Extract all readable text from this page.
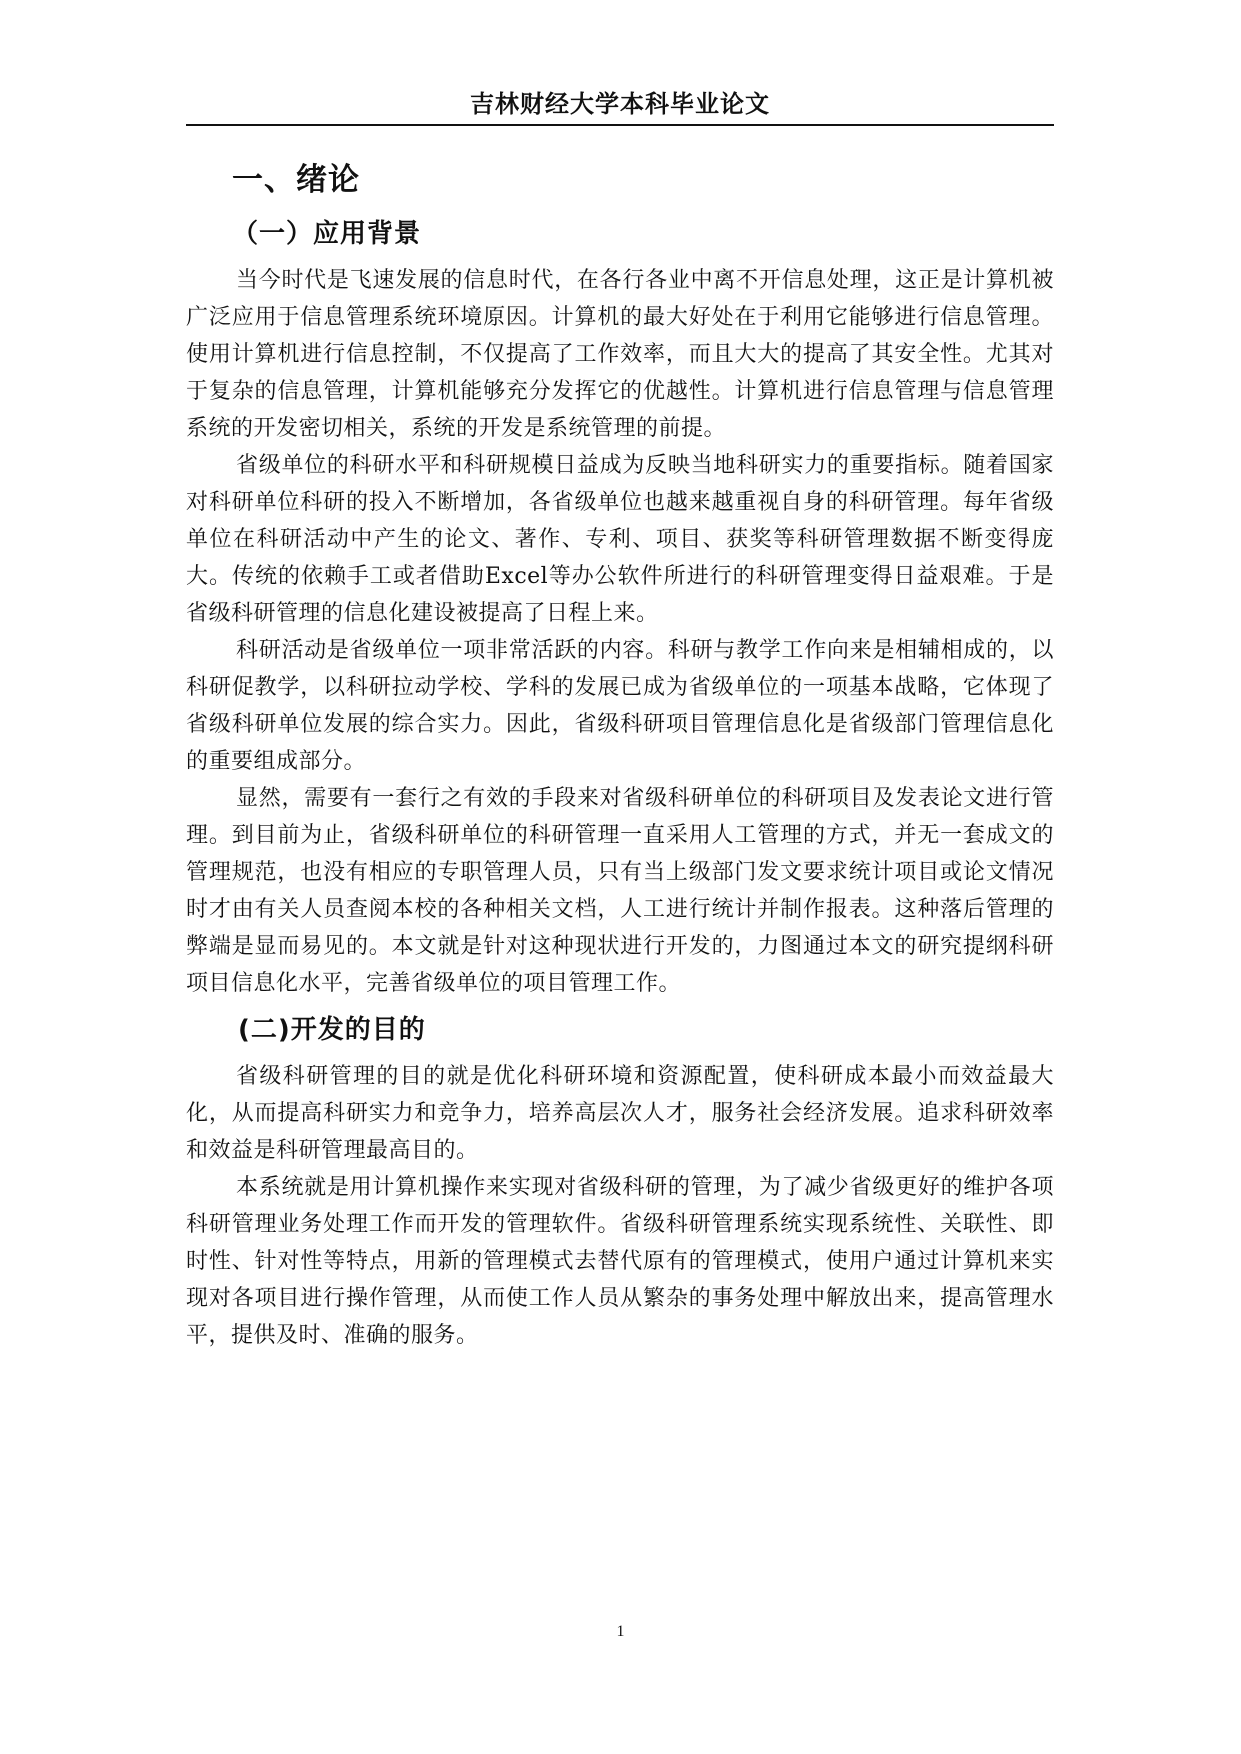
吉林财经大学本科毕业论文
一、绪论
（一）应用背景

当今时代是飞速发展的信息时代，在各行各业中离不开信息处理，这正是计算机被广泛应用于信息管理系统环境原因。计算机的最大好处在于利用它能够进行信息管理。使用计算机进行信息控制，不仅提高了工作效率，而且大大的提高了其安全性。尤其对于复杂的信息管理，计算机能够充分发挥它的优越性。计算机进行信息管理与信息管理系统的开发密切相关，系统的开发是系统管理的前提。

省级单位的科研水平和科研规模日益成为反映当地科研实力的重要指标。随着国家对科研单位科研的投入不断增加，各省级单位也越来越重视自身的科研管理。每年省级单位在科研活动中产生的论文、著作、专利、项目、获奖等科研管理数据不断变得庞大。传统的依赖手工或者借助Excel等办公软件所进行的科研管理变得日益艰难。于是省级科研管理的信息化建设被提高了日程上来。

科研活动是省级单位一项非常活跃的内容。科研与教学工作向来是相辅相成的，以科研促教学，以科研拉动学校、学科的发展已成为省级单位的一项基本战略，它体现了省级科研单位发展的综合实力。因此，省级科研项目管理信息化是省级部门管理信息化的重要组成部分。

显然，需要有一套行之有效的手段来对省级科研单位的科研项目及发表论文进行管理。到目前为止，省级科研单位的科研管理一直采用人工管理的方式，并无一套成文的管理规范，也没有相应的专职管理人员，只有当上级部门发文要求统计项目或论文情况时才由有关人员查阅本校的各种相关文档，人工进行统计并制作报表。这种落后管理的弊端是显而易见的。本文就是针对这种现状进行开发的，力图通过本文的研究提纲科研项目信息化水平，完善省级单位的项目管理工作。

(二)开发的目的

省级科研管理的目的就是优化科研环境和资源配置，使科研成本最小而效益最大化，从而提高科研实力和竞争力，培养高层次人才，服务社会经济发展。追求科研效率和效益是科研管理最高目的。

本系统就是用计算机操作来实现对省级科研的管理，为了减少省级更好的维护各项科研管理业务处理工作而开发的管理软件。省级科研管理系统实现系统性、关联性、即时性、针对性等特点，用新的管理模式去替代原有的管理模式，使用户通过计算机来实现对各项目进行操作管理，从而使工作人员从繁杂的事务处理中解放出来，提高管理水平，提供及时、准确的服务。

1
